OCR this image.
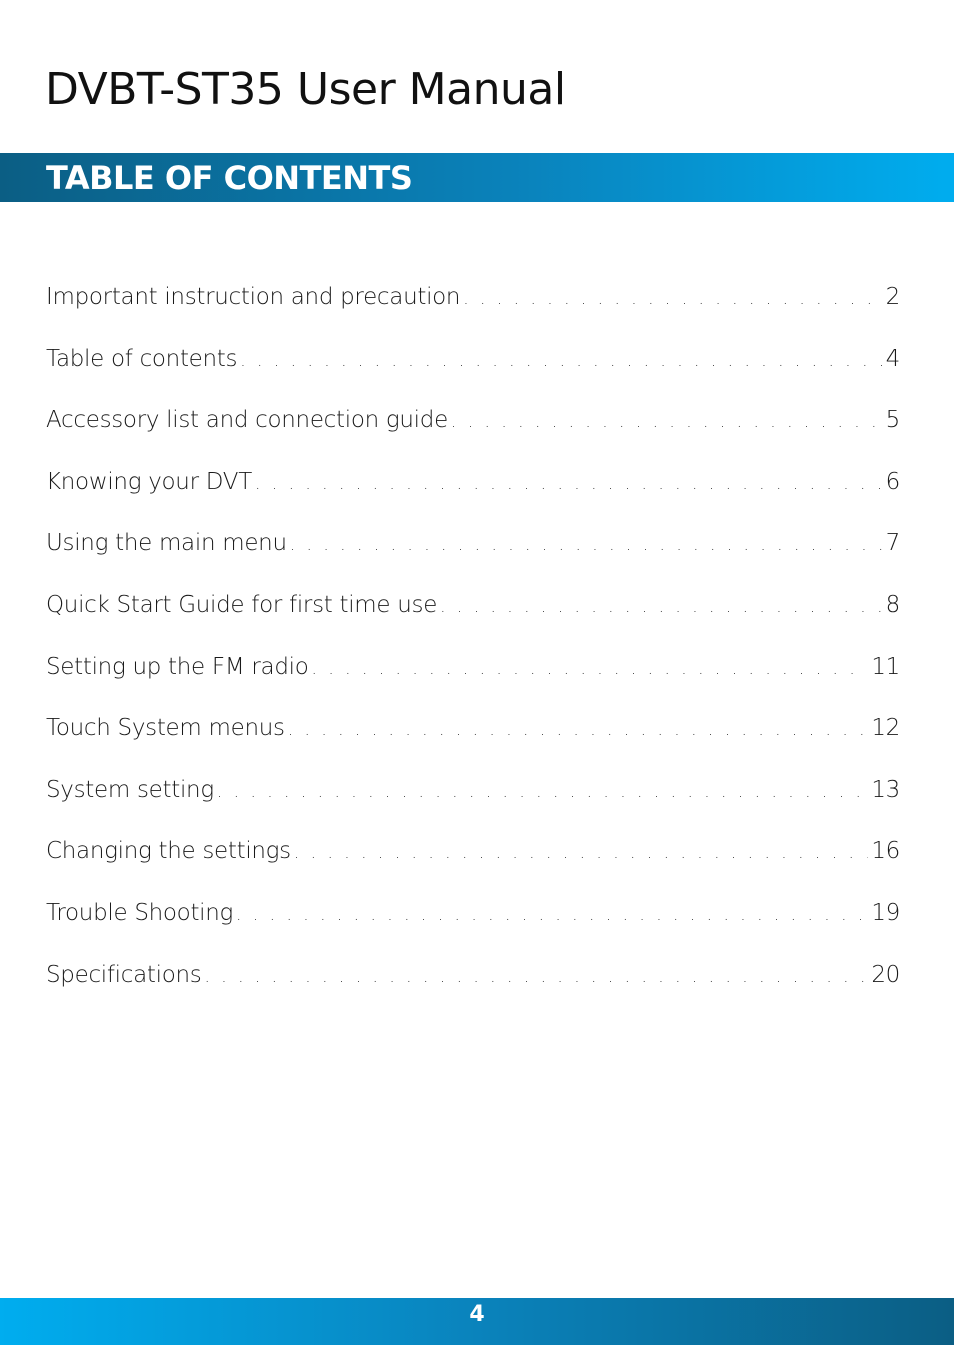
DVBT-ST35 User Manual
TABLE OF CONTENTS
Important instruction and precaution . . .	2
Table of contents . . .	4
Accessory list and connection guide . . .	5
Knowing your DVT . . .	6
Using the main menu . . .	7
Quick Start Guide for first time use . . .	8
Setting up the FM radio . . .	11
Touch System menus . . .	12
System setting . . .	13
Changing the settings . . .	16
Trouble Shooting . . .	19
Specifications . . .	20
4
